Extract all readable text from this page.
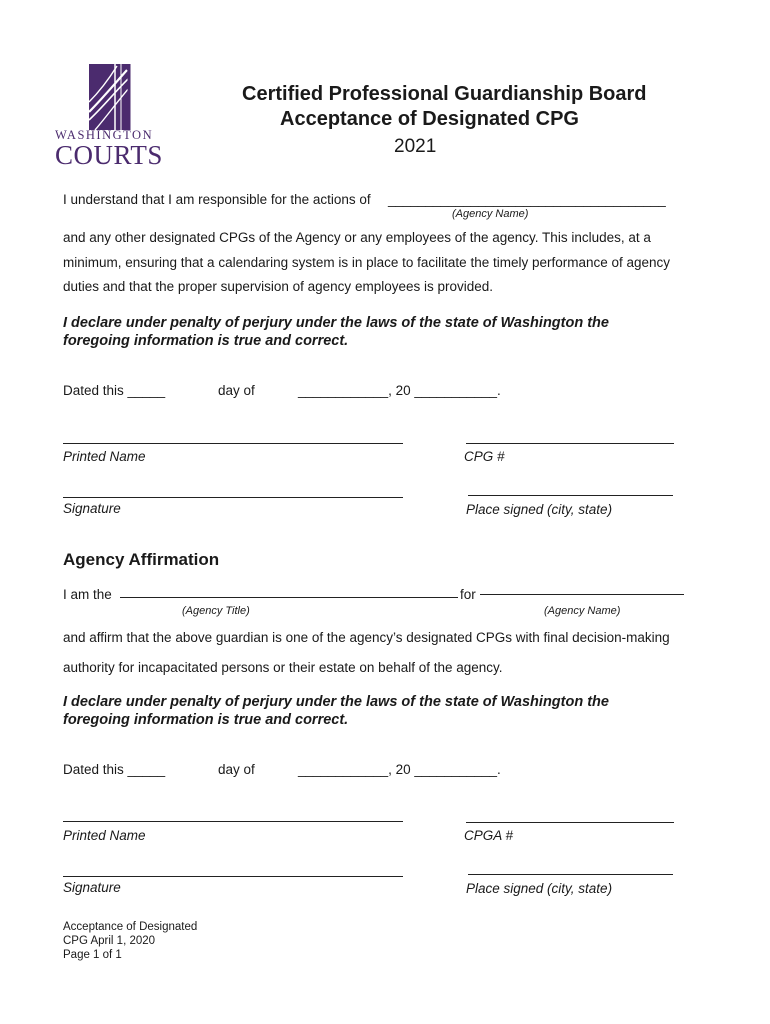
WASHINGTON
COURTS
Certified Professional Guardianship Board
Acceptance of Designated CPG
2021
I understand that I am responsible for the actions of _____________________________________
(Agency Name)
and any other designated CPGs of the Agency or any employees of the agency. This includes, at a
minimum, ensuring that a calendaring system is in place to facilitate the timely performance of agency
duties and that the proper supervision of agency employees is provided.
I declare under penalty of perjury under the laws of the state of Washington the
foregoing information is true and correct.
Dated this _____	day of	____________, 20 ___________.
Printed Name	CPG #
Signature	Place signed (city, state)
Agency Affirmation
I am the	for
(Agency Title)	(Agency Name)
and affirm that the above guardian is one of the agency’s designated CPGs with final decision-making
authority for incapacitated persons or their estate on behalf of the agency.
I declare under penalty of perjury under the laws of the state of Washington the
foregoing information is true and correct.
Dated this _____	day of	____________, 20 ___________.
Printed Name	CPGA #
Signature	Place signed (city, state)
Acceptance of Designated
CPG April 1, 2020
Page 1 of 1
